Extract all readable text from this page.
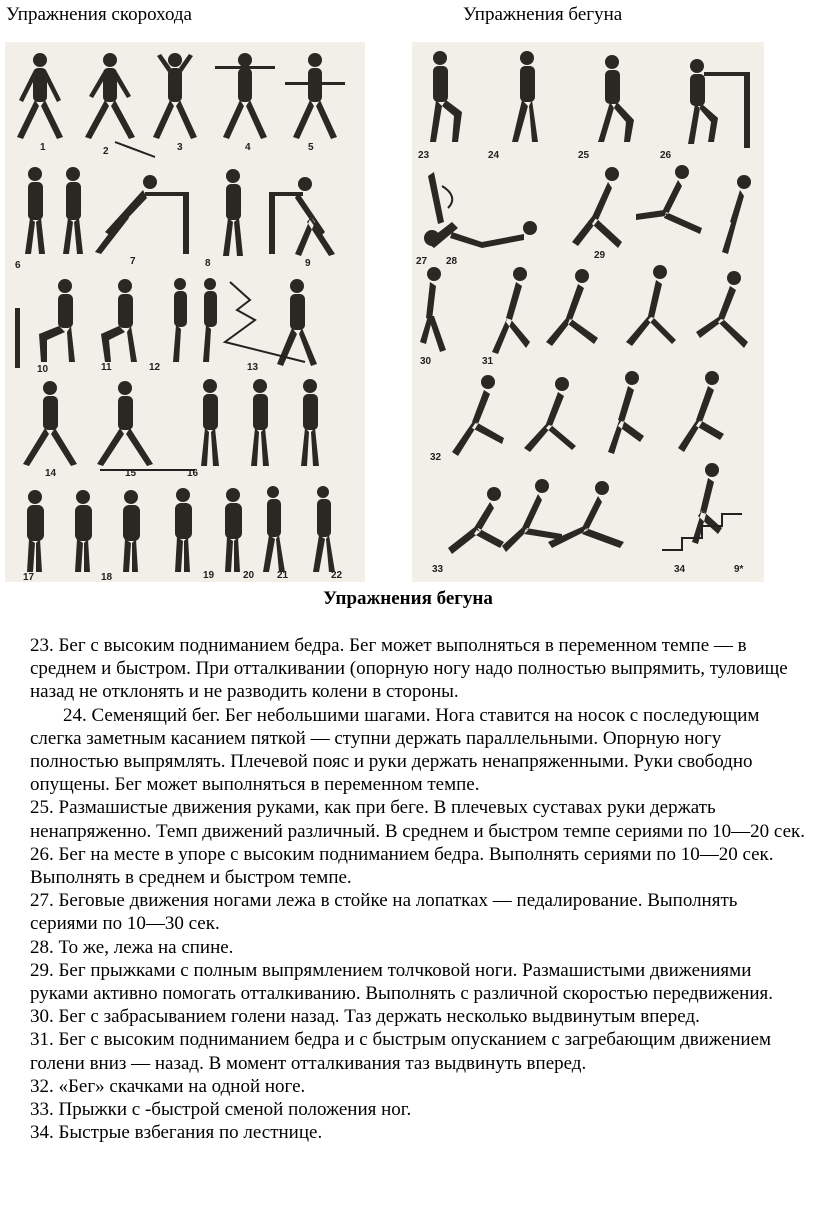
Упражнения скорохода	Упражнения бегуна
1	2	3	4	5
6	7	8	9
10	11	12	13
14	15	16
17	18	19	20 21	22
23	24	25	26
27 28
29
30	31
32
33	34	9*
Упражнения бегуна

23. Бег с высоким подниманием бедра. Бег может выполняться в переменном темпе — в среднем и быстром. При отталкивании (опорную ногу надо полностью выпрямить, туловище назад не отклонять и не разводить колени в стороны.

24. Семенящий бег. Бег небольшими шагами. Нога ставится на носок с последующим слегка заметным касанием пяткой — ступни держать параллельными. Опорную ногу полностью выпрямлять. Плечевой пояс и руки держать ненапряженными. Руки свободно опущены. Бег может выполняться в переменном темпе.

25. Размашистые движения руками, как при беге. В плечевых суставах руки держать ненапряженно. Темп движений различный. В среднем и быстром темпе сериями по 10—20 сек.

26. Бег на месте в упоре с высоким подниманием бедра. Выполнять сериями по 10—20 сек. Выполнять в среднем и быстром темпе.

27. Беговые движения ногами лежа в стойке на лопатках — педалирование. Выполнять сериями по 10—30 сек.

28. То же, лежа на спине.

29. Бег прыжками с полным выпрямлением толчковой ноги. Размашистыми движениями руками активно помогать отталкиванию. Выполнять с различной скоростью передвижения.

30. Бег с забрасыванием голени назад. Таз держать несколько выдвинутым вперед.

31. Бег с высоким подниманием бедра и с быстрым опусканием с загребающим движением голени вниз — назад. В момент отталкивания таз выдвинуть вперед.

32. «Бег» скачками на одной ноге.

33. Прыжки с -быстрой сменой положения ног.

34. Быстрые взбегания по лестнице.
